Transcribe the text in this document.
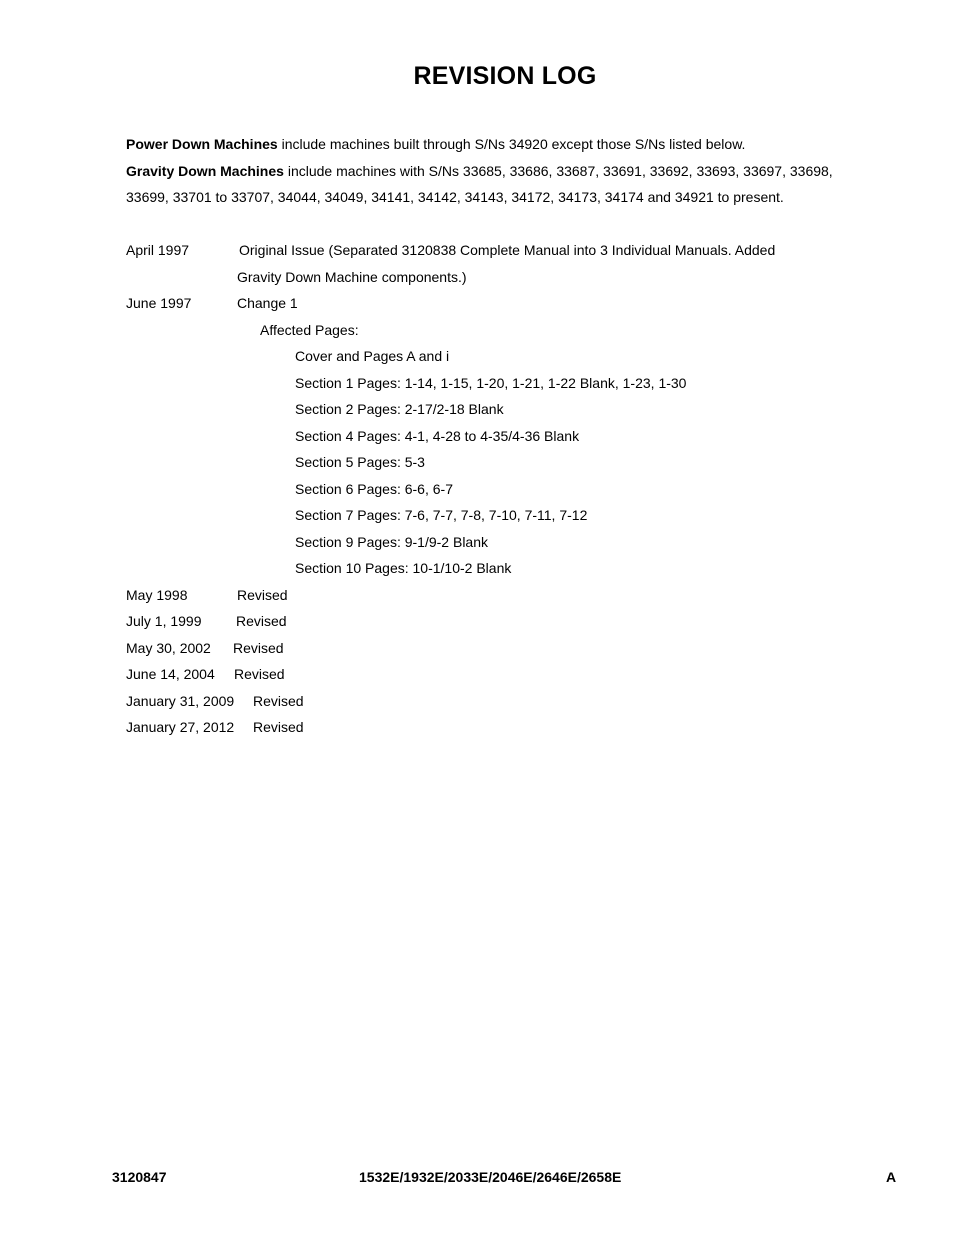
REVISION LOG
Power Down Machines include machines built through S/Ns 34920 except those S/Ns listed below.
Gravity Down Machines include machines with S/Ns 33685, 33686, 33687, 33691, 33692, 33693, 33697, 33698,
33699, 33701 to 33707, 34044, 34049, 34141, 34142, 34143, 34172, 34173, 34174 and 34921 to present.
April 1997	Original Issue (Separated 3120838 Complete Manual into 3 Individual Manuals. Added
Gravity Down Machine components.)
June 1997	Change 1
Affected Pages:
Cover and Pages A and i
Section 1 Pages: 1-14, 1-15, 1-20, 1-21, 1-22 Blank, 1-23, 1-30
Section 2 Pages: 2-17/2-18 Blank
Section 4 Pages: 4-1, 4-28 to 4-35/4-36 Blank
Section 5 Pages: 5-3
Section 6 Pages: 6-6, 6-7
Section 7 Pages: 7-6, 7-7, 7-8, 7-10, 7-11, 7-12
Section 9 Pages: 9-1/9-2 Blank
Section 10 Pages: 10-1/10-2 Blank
May 1998	Revised
July 1, 1999 Revised
May 30, 2002 Revised
June 14, 2004 Revised
January 31, 2009 Revised
January 27, 2012 Revised
3120847	1532E/1932E/2033E/2046E/2646E/2658E	A
